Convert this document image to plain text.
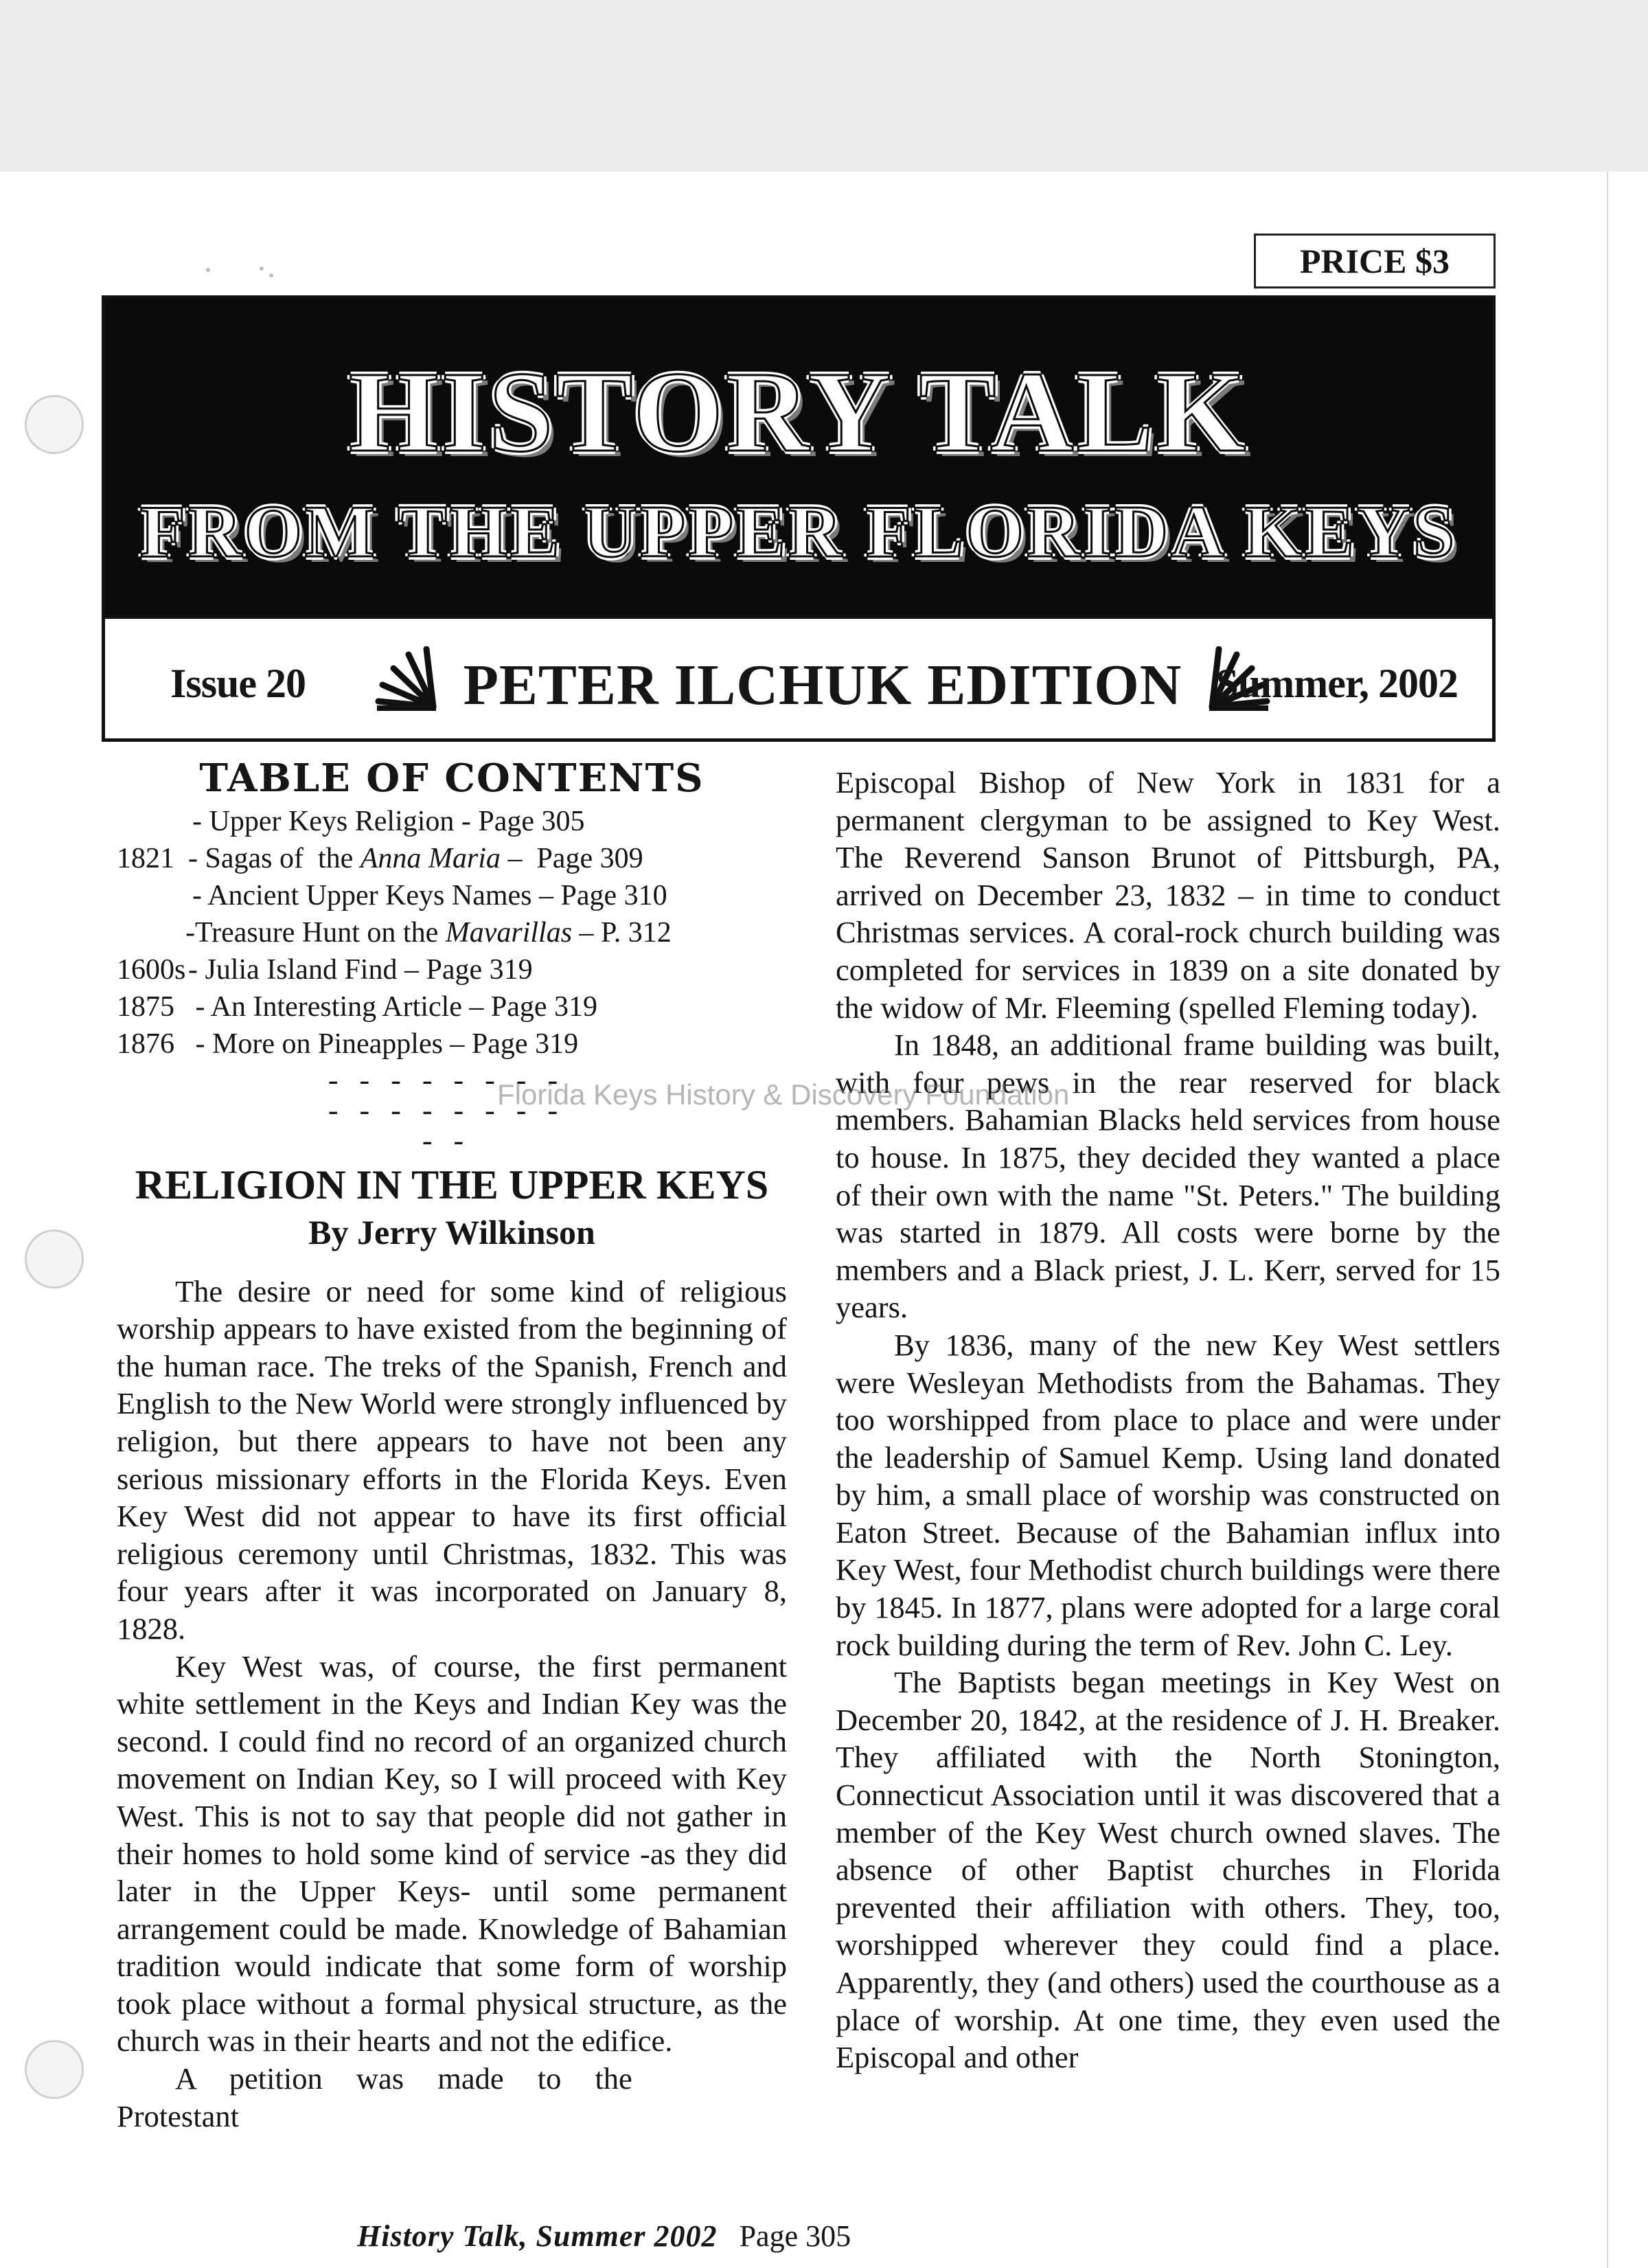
PRICE $3
HISTORY TALK
FROM THE UPPER FLORIDA KEYS
Issue 20	PETER ILCHUK EDITION Summer, 2002
TABLE OF CONTENTS
- Upper Keys Religion - Page 305
1821 - Sagas of  the Anna Maria –  Page 309
- Ancient Upper Keys Names – Page 310
-Treasure Hunt on the Mavarillas – P. 312
1600s - Julia Island Find – Page 319
1875 - An Interesting Article – Page 319
1876 - More on Pineapples – Page 319
- - - - - - - - - - - - - - - - - -
RELIGION IN THE UPPER KEYS
By Jerry Wilkinson

The desire or need for some kind of religious worship appears to have existed from the beginning of the human race. The treks of the Spanish, French and English to the New World were strongly influenced by religion, but there appears to have not been any serious missionary efforts in the Florida Keys. Even Key West did not appear to have its first official religious ceremony until Christmas, 1832. This was four years after it was incorporated on January 8, 1828.

Key West was, of course, the first permanent white settlement in the Keys and Indian Key was the second. I could find no record of an organized church movement on Indian Key, so I will proceed with Key West. This is not to say that people did not gather in their homes to hold some kind of service -as they did later in the Upper Keys- until some permanent arrangement could be made. Knowledge of Bahamian tradition would indicate that some form of worship took place without a formal physical structure, as the church was in their hearts and not the edifice.

A petition was made to the Protestant

Episcopal Bishop of New York in 1831 for a permanent clergyman to be assigned to Key West. The Reverend Sanson Brunot of Pittsburgh, PA, arrived on December 23, 1832 – in time to conduct Christmas services. A coral-rock church building was completed for services in 1839 on a site donated by the widow of Mr. Fleeming (spelled Fleming today).

In 1848, an additional frame building was built, with four pews in the rear reserved for black members. Bahamian Blacks held services from house to house. In 1875, they decided they wanted a place of their own with the name "St. Peters." The building was started in 1879. All costs were borne by the members and a Black priest, J. L. Kerr, served for 15 years.

By 1836, many of the new Key West settlers were Wesleyan Methodists from the Bahamas. They too worshipped from place to place and were under the leadership of Samuel Kemp. Using land donated by him, a small place of worship was constructed on Eaton Street. Because of the Bahamian influx into Key West, four Methodist church buildings were there by 1845. In 1877, plans were adopted for a large coral rock building during the term of Rev. John C. Ley.

The Baptists began meetings in Key West on December 20, 1842, at the residence of J. H. Breaker. They affiliated with the North Stonington, Connecticut Association until it was discovered that a member of the Key West church owned slaves. The absence of other Baptist churches in Florida prevented their affiliation with others. They, too, worshipped wherever they could find a place. Apparently, they (and others) used the courthouse as a place of worship. At one time, they even used the Episcopal and other

Florida Keys History & Discovery Foundation
History Talk, Summer 2002 Page 305
